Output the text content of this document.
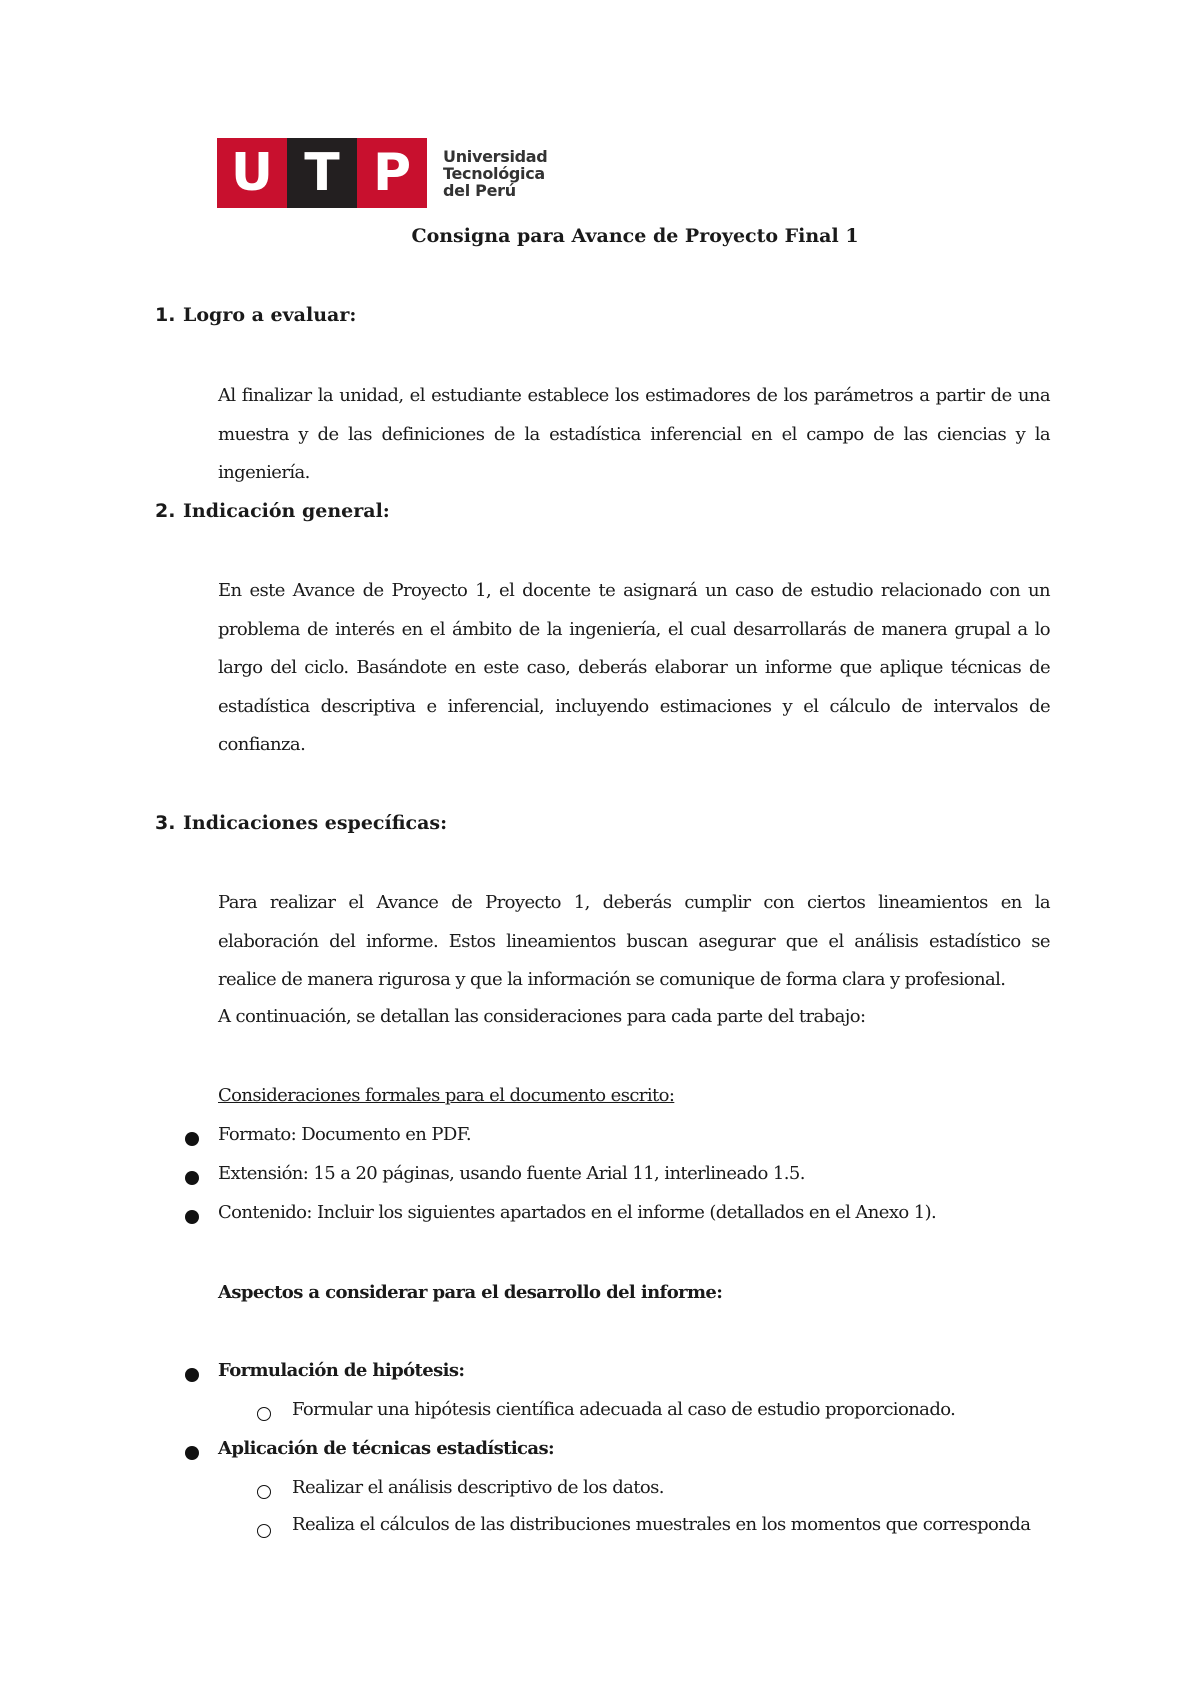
U T P	Universidad
Tecnológica
del Perú
Consigna para Avance de Proyecto Final 1
1. Logro a evaluar:
Al finalizar la unidad, el estudiante establece los estimadores de los parámetros a partir de una muestra y de las definiciones de la estadística inferencial en el campo de las ciencias y la ingeniería.
2. Indicación general:
En este Avance de Proyecto 1, el docente te asignará un caso de estudio relacionado con un problema de interés en el ámbito de la ingeniería, el cual desarrollarás de manera grupal a lo largo del ciclo. Basándote en este caso, deberás elaborar un informe que aplique técnicas de estadística descriptiva e inferencial, incluyendo estimaciones y el cálculo de intervalos de confianza.
3. Indicaciones específicas:
Para realizar el Avance de Proyecto 1, deberás cumplir con ciertos lineamientos en la elaboración del informe. Estos lineamientos buscan asegurar que el análisis estadístico se realice de manera rigurosa y que la información se comunique de forma clara y profesional.
A continuación, se detallan las consideraciones para cada parte del trabajo:
Consideraciones formales para el documento escrito:
Formato: Documento en PDF.
Extensión: 15 a 20 páginas, usando fuente Arial 11, interlineado 1.5.
Contenido: Incluir los siguientes apartados en el informe (detallados en el Anexo 1).
Aspectos a considerar para el desarrollo del informe:
Formulación de hipótesis:
Formular una hipótesis científica adecuada al caso de estudio proporcionado.
Aplicación de técnicas estadísticas:
Realizar el análisis descriptivo de los datos.
Realiza el cálculos de las distribuciones muestrales en los momentos que corresponda
